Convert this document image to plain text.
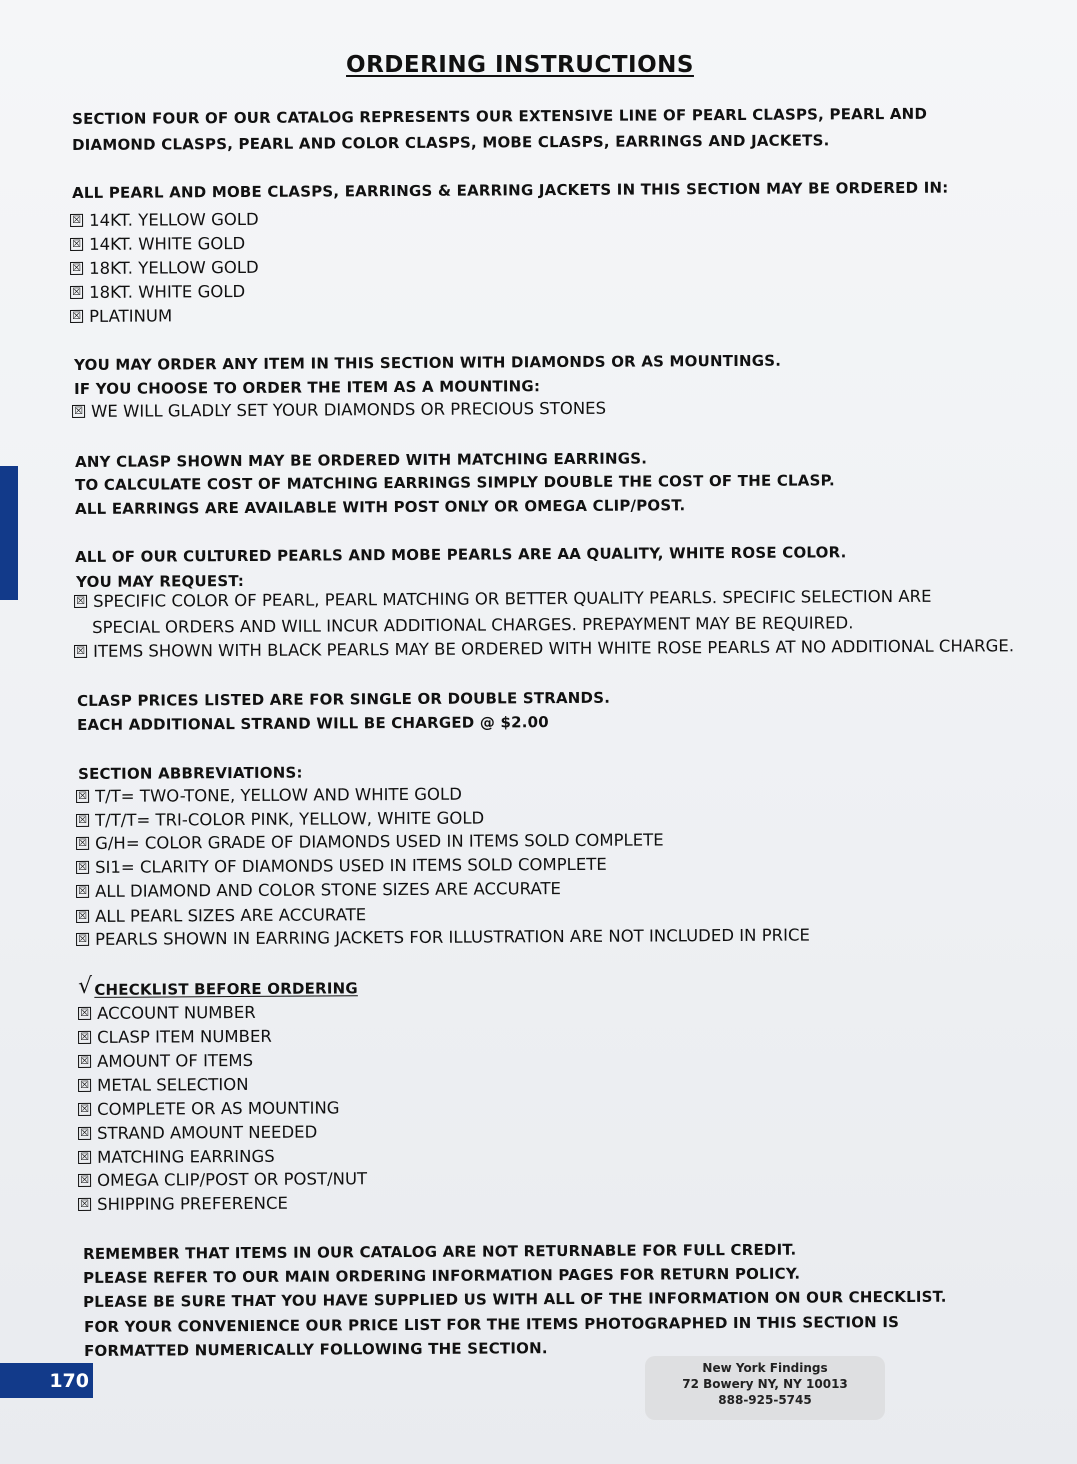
ORDERING INSTRUCTIONS
SECTION FOUR OF OUR CATALOG REPRESENTS OUR EXTENSIVE LINE OF PEARL CLASPS, PEARL AND
DIAMOND CLASPS, PEARL AND COLOR CLASPS, MOBE CLASPS, EARRINGS AND JACKETS.
ALL PEARL AND MOBE CLASPS, EARRINGS & EARRING JACKETS IN THIS SECTION MAY BE ORDERED IN:
☒ 14KT. YELLOW GOLD
☒ 14KT. WHITE GOLD
☒ 18KT. YELLOW GOLD
☒ 18KT. WHITE GOLD
☒ PLATINUM
YOU MAY ORDER ANY ITEM IN THIS SECTION WITH DIAMONDS OR AS MOUNTINGS.
IF YOU CHOOSE TO ORDER THE ITEM AS A MOUNTING:
☒ WE WILL GLADLY SET YOUR DIAMONDS OR PRECIOUS STONES
ANY CLASP SHOWN MAY BE ORDERED WITH MATCHING EARRINGS.
TO CALCULATE COST OF MATCHING EARRINGS SIMPLY DOUBLE THE COST OF THE CLASP.
ALL EARRINGS ARE AVAILABLE WITH POST ONLY OR OMEGA CLIP/POST.
ALL OF OUR CULTURED PEARLS AND MOBE PEARLS ARE AA QUALITY, WHITE ROSE COLOR.
YOU MAY REQUEST:
☒ SPECIFIC COLOR OF PEARL, PEARL MATCHING OR BETTER QUALITY PEARLS. SPECIFIC SELECTION ARE
SPECIAL ORDERS AND WILL INCUR ADDITIONAL CHARGES. PREPAYMENT MAY BE REQUIRED.
☒ ITEMS SHOWN WITH BLACK PEARLS MAY BE ORDERED WITH WHITE ROSE PEARLS AT NO ADDITIONAL CHARGE.
CLASP PRICES LISTED ARE FOR SINGLE OR DOUBLE STRANDS.
EACH ADDITIONAL STRAND WILL BE CHARGED @ $2.00
SECTION ABBREVIATIONS:
☒ T/T= TWO-TONE, YELLOW AND WHITE GOLD
☒ T/T/T= TRI-COLOR PINK, YELLOW, WHITE GOLD
☒ G/H= COLOR GRADE OF DIAMONDS USED IN ITEMS SOLD COMPLETE
☒ SI1= CLARITY OF DIAMONDS USED IN ITEMS SOLD COMPLETE
☒ ALL DIAMOND AND COLOR STONE SIZES ARE ACCURATE
☒ ALL PEARL SIZES ARE ACCURATE
☒ PEARLS SHOWN IN EARRING JACKETS FOR ILLUSTRATION ARE NOT INCLUDED IN PRICE
√ CHECKLIST BEFORE ORDERING
☒ ACCOUNT NUMBER
☒ CLASP ITEM NUMBER
☒ AMOUNT OF ITEMS
☒ METAL SELECTION
☒ COMPLETE OR AS MOUNTING
☒ STRAND AMOUNT NEEDED
☒ MATCHING EARRINGS
☒ OMEGA CLIP/POST OR POST/NUT
☒ SHIPPING PREFERENCE
REMEMBER THAT ITEMS IN OUR CATALOG ARE NOT RETURNABLE FOR FULL CREDIT.
PLEASE REFER TO OUR MAIN ORDERING INFORMATION PAGES FOR RETURN POLICY.
PLEASE BE SURE THAT YOU HAVE SUPPLIED US WITH ALL OF THE INFORMATION ON OUR CHECKLIST.
FOR YOUR CONVENIENCE OUR PRICE LIST FOR THE ITEMS PHOTOGRAPHED IN THIS SECTION IS
FORMATTED NUMERICALLY FOLLOWING THE SECTION.
170
New York Findings
72 Bowery NY, NY 10013
888-925-5745
